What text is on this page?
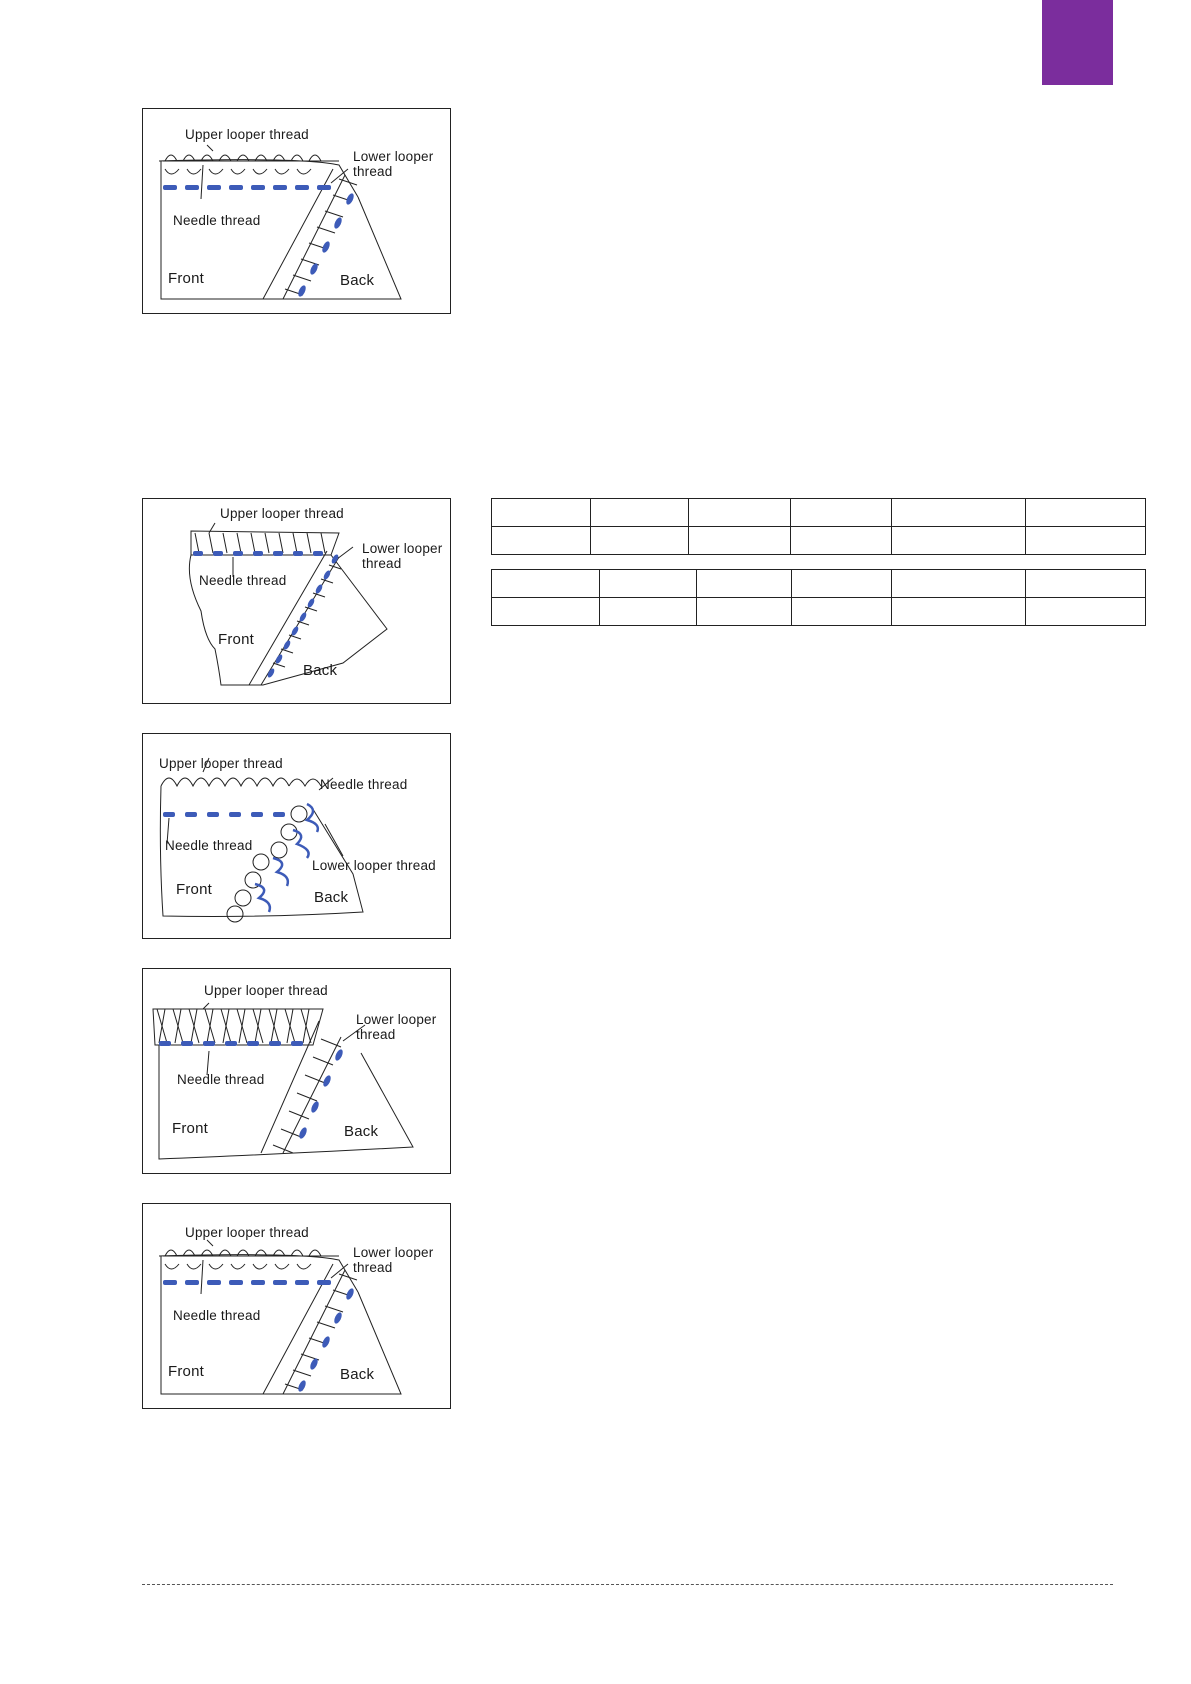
Upper looper thread
Lower looper
thread
Needle thread
Front	Back
Upper looper thread
Lower looper
thread
Needle thread
Front
Back
Upper looper thread
Needle thread
Needle thread
Lower looper thread
Front	Back
Upper looper thread
Lower looper
thread
Needle thread
Front	Back
Upper looper thread
Lower looper
thread
Needle thread
Front	Back
